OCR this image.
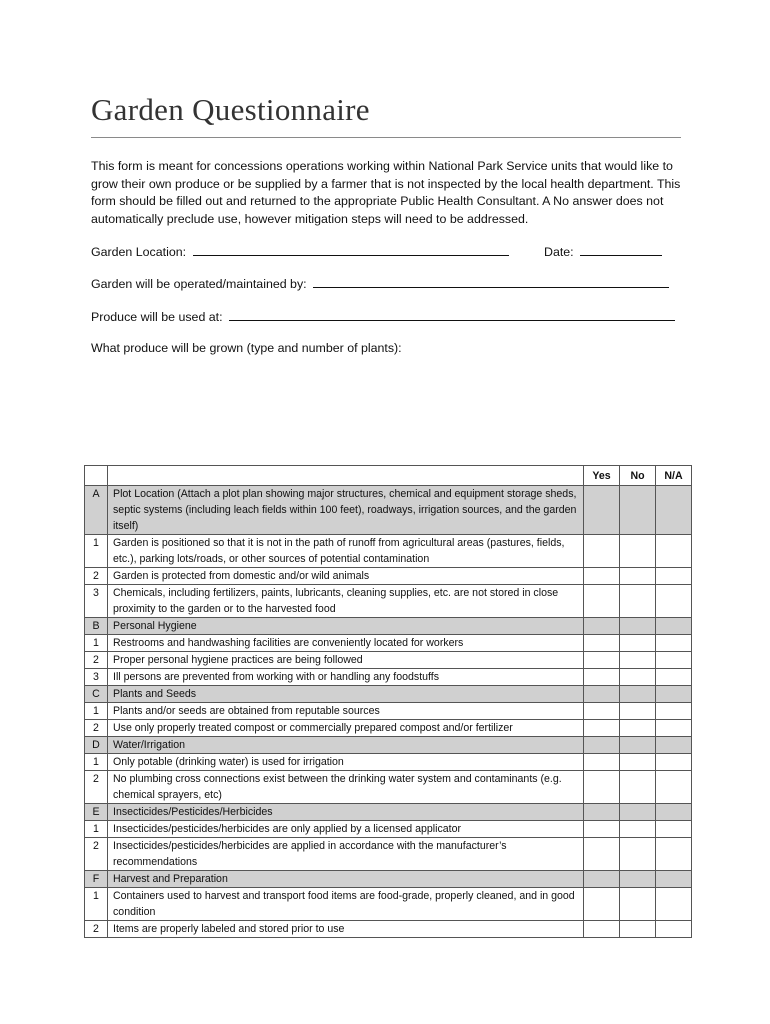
Garden Questionnaire

This form is meant for concessions operations working within National Park Service units that would like to grow their own produce or be supplied by a farmer that is not inspected by the local health department. This form should be filled out and returned to the appropriate Public Health Consultant. A No answer does not automatically preclude use, however mitigation steps will need to be addressed.

Garden Location:	Date:
Garden will be operated/maintained by:
Produce will be used at:
What produce will be grown (type and number of plants):
		Yes	No	N/A
A	Plot Location (Attach a plot plan showing major structures, chemical and equipment storage sheds, septic systems (including leach fields within 100 feet), roadways, irrigation sources, and the garden itself)			
1	Garden is positioned so that it is not in the path of runoff from agricultural areas (pastures, fields, etc.), parking lots/roads, or other sources of potential contamination			
2	Garden is protected from domestic and/or wild animals			
3	Chemicals, including fertilizers, paints, lubricants, cleaning supplies, etc. are not stored in close proximity to the garden or to the harvested food			
B	Personal Hygiene			
1	Restrooms and handwashing facilities are conveniently located for workers			
2	Proper personal hygiene practices are being followed			
3	Ill persons are prevented from working with or handling any foodstuffs			
C	Plants and Seeds			
1	Plants and/or seeds are obtained from reputable sources			
2	Use only properly treated compost or commercially prepared compost and/or fertilizer			
D	Water/Irrigation			
1	Only potable (drinking water) is used for irrigation			
2	No plumbing cross connections exist between the drinking water system and contaminants (e.g. chemical sprayers, etc)			
E	Insecticides/Pesticides/Herbicides			
1	Insecticides/pesticides/herbicides are only applied by a licensed applicator			
2	Insecticides/pesticides/herbicides are applied in accordance with the manufacturer’s recommendations			
F	Harvest and Preparation			
1	Containers used to harvest and transport food items are food-grade, properly cleaned, and in good condition			
2	Items are properly labeled and stored prior to use			
